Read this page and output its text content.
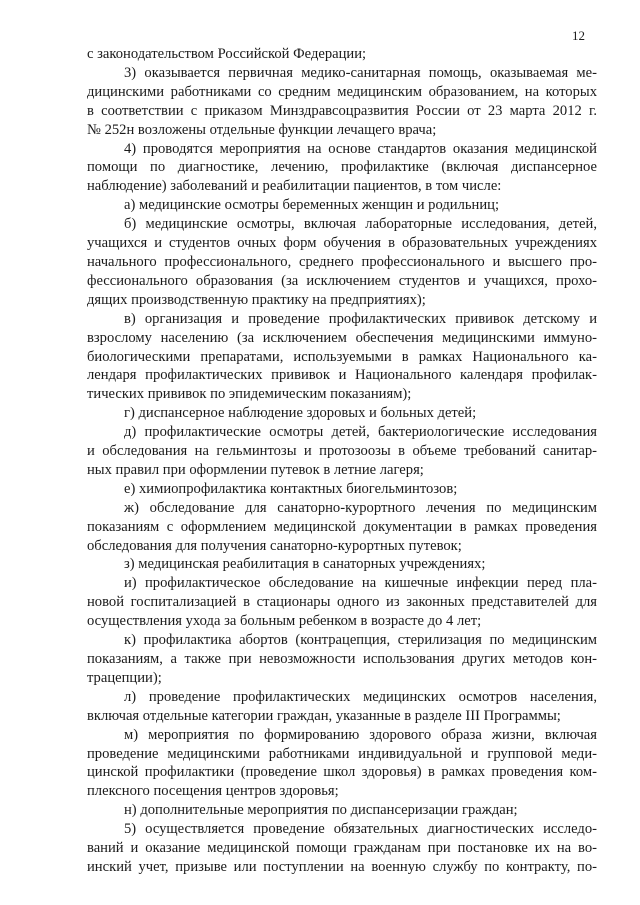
12
с законодательством Российской Федерации;
3) оказывается первичная медико-санитарная помощь, оказываемая ме-
дицинскими работниками со средним медицинским образованием, на которых
в соответствии с приказом Минздравсоцразвития России от 23 марта 2012 г.
№ 252н возложены отдельные функции лечащего врача;
4) проводятся мероприятия на основе стандартов оказания медицинской
помощи по диагностике, лечению, профилактике (включая диспансерное
наблюдение) заболеваний и реабилитации пациентов, в том числе:
а) медицинские осмотры беременных женщин и родильниц;
б) медицинские осмотры, включая лабораторные исследования, детей,
учащихся и студентов очных форм обучения в образовательных учреждениях
начального профессионального, среднего профессионального и высшего про-
фессионального образования (за исключением студентов и учащихся, прохо-
дящих производственную практику на предприятиях);
в) организация и проведение профилактических прививок детскому и
взрослому населению (за исключением обеспечения медицинскими иммуно-
биологическими препаратами, используемыми в рамках Национального ка-
лендаря профилактических прививок и Национального календаря профилак-
тических прививок по эпидемическим показаниям);
г) диспансерное наблюдение здоровых и больных детей;
д) профилактические осмотры детей, бактериологические исследования
и обследования на гельминтозы и протозоозы в объеме требований санитар-
ных правил при оформлении путевок в летние лагеря;
е) химиопрофилактика контактных биогельминтозов;
ж) обследование для санаторно-курортного лечения по медицинским
показаниям с оформлением медицинской документации в рамках проведения
обследования для получения санаторно-курортных путевок;
з) медицинская реабилитация в санаторных учреждениях;
и) профилактическое обследование на кишечные инфекции перед пла-
новой госпитализацией в стационары одного из законных представителей для
осуществления ухода за больным ребенком в возрасте до 4 лет;
к) профилактика абортов (контрацепция, стерилизация по медицинским
показаниям, а также при невозможности использования других методов кон-
трацепции);
л) проведение профилактических медицинских осмотров населения,
включая отдельные категории граждан, указанные в разделе III Программы;
м) мероприятия по формированию здорового образа жизни, включая
проведение медицинскими работниками индивидуальной и групповой меди-
цинской профилактики (проведение школ здоровья) в рамках проведения ком-
плексного посещения центров здоровья;
н) дополнительные мероприятия по диспансеризации граждан;
5) осуществляется проведение обязательных диагностических исследо-
ваний и оказание медицинской помощи гражданам при постановке их на во-
инский учет, призыве или поступлении на военную службу по контракту, по-
